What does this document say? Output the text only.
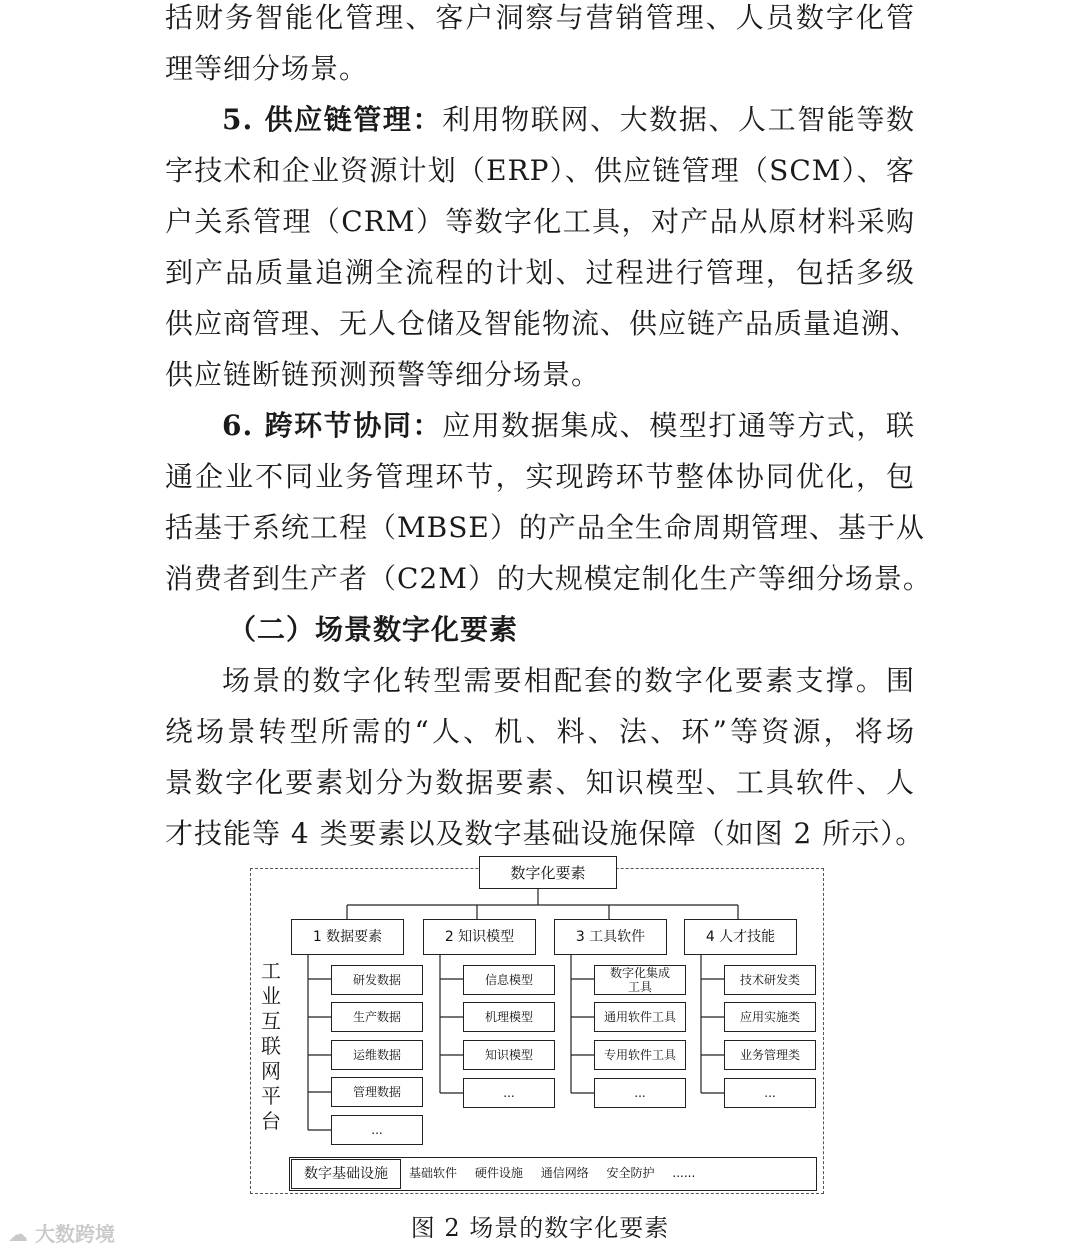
括财务智能化管理、客户洞察与营销管理、人员数字化管
理等细分场景。
5. 供应链管理：利用物联网、大数据、人工智能等数
字技术和企业资源计划（ERP）、供应链管理（SCM）、客
户关系管理（CRM）等数字化工具，对产品从原材料采购
到产品质量追溯全流程的计划、过程进行管理，包括多级
供应商管理、无人仓储及智能物流、供应链产品质量追溯、
供应链断链预测预警等细分场景。
6. 跨环节协同：应用数据集成、模型打通等方式，联
通企业不同业务管理环节，实现跨环节整体协同优化，包
括基于系统工程（MBSE）的产品全生命周期管理、基于从
消费者到生产者（C2M）的大规模定制化生产等细分场景。
（二）场景数字化要素
场景的数字化转型需要相配套的数字化要素支撑。围
绕场景转型所需的“人、机、料、法、环”等资源，将场
景数字化要素划分为数据要素、知识模型、工具软件、人
才技能等 4 类要素以及数字基础设施保障（如图 2 所示）。
数字化要素
工
业
互
联
网
平
台
1 数据要素
研发数据
生产数据
运维数据
管理数据
...
2 知识模型
信息模型
机理模型
知识模型
...
3 工具软件
数字化集成
工具
通用软件工具
专用软件工具
...
4 人才技能
技术研发类
应用实施类
业务管理类
...
数字基础设施	基础软件 硬件设施 通信网络 安全防护 ......
☁ 大数跨境	图 2 场景的数字化要素
